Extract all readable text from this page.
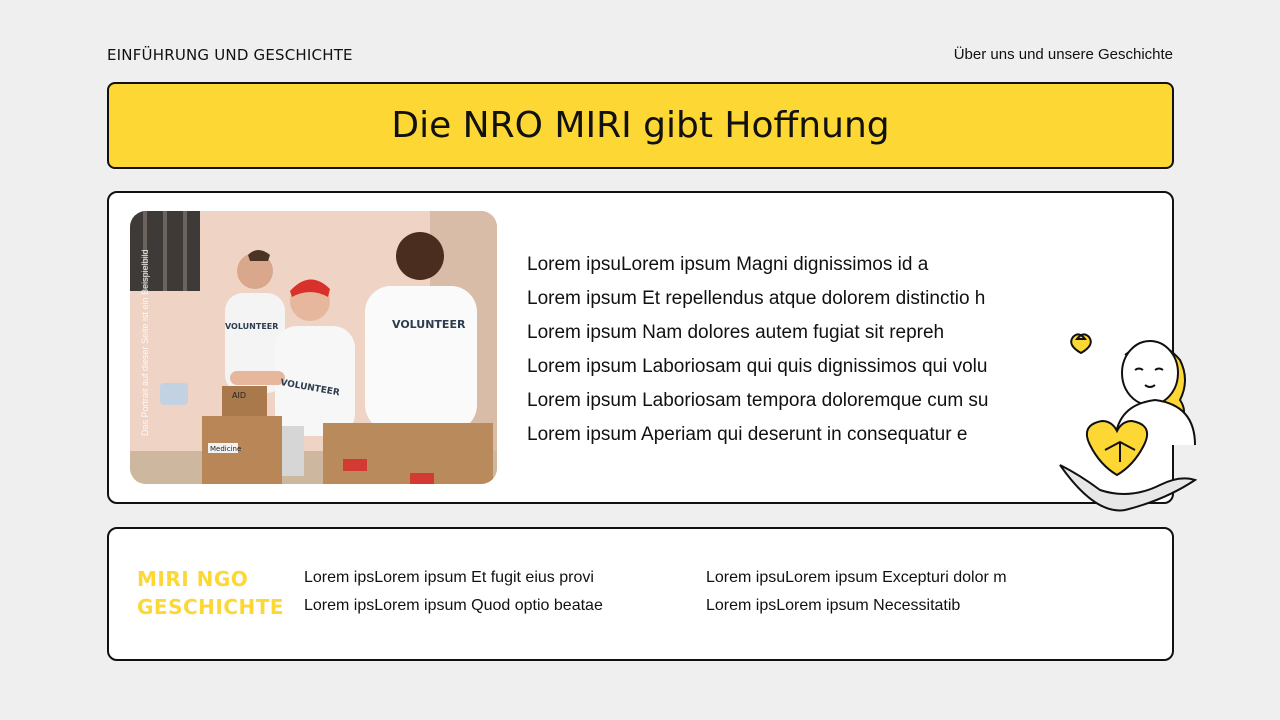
EINFÜHRUNG UND GESCHICHTE	Über uns und unsere Geschichte
Die NRO MIRI gibt Hoffnung
VOLUNTEER
VOLUNTEER
VOLUNTEER
AID
Medicine
Das Portrait auf dieser Seite ist ein Beispielbild	Lorem ipsuLorem ipsum Magni dignissimos id a
Lorem ipsum Et repellendus atque dolorem distinctio h
Lorem ipsum Nam dolores autem fugiat sit repreh
Lorem ipsum Laboriosam qui quis dignissimos qui volu
Lorem ipsum Laboriosam tempora doloremque cum su
Lorem ipsum Aperiam qui deserunt in consequatur e
MIRI NGO
GESCHICHTE
Lorem ipsLorem ipsum Et fugit eius provi
Lorem ipsLorem ipsum Quod optio beatae
Lorem ipsuLorem ipsum Excepturi dolor m
Lorem ipsLorem ipsum Necessitatib
